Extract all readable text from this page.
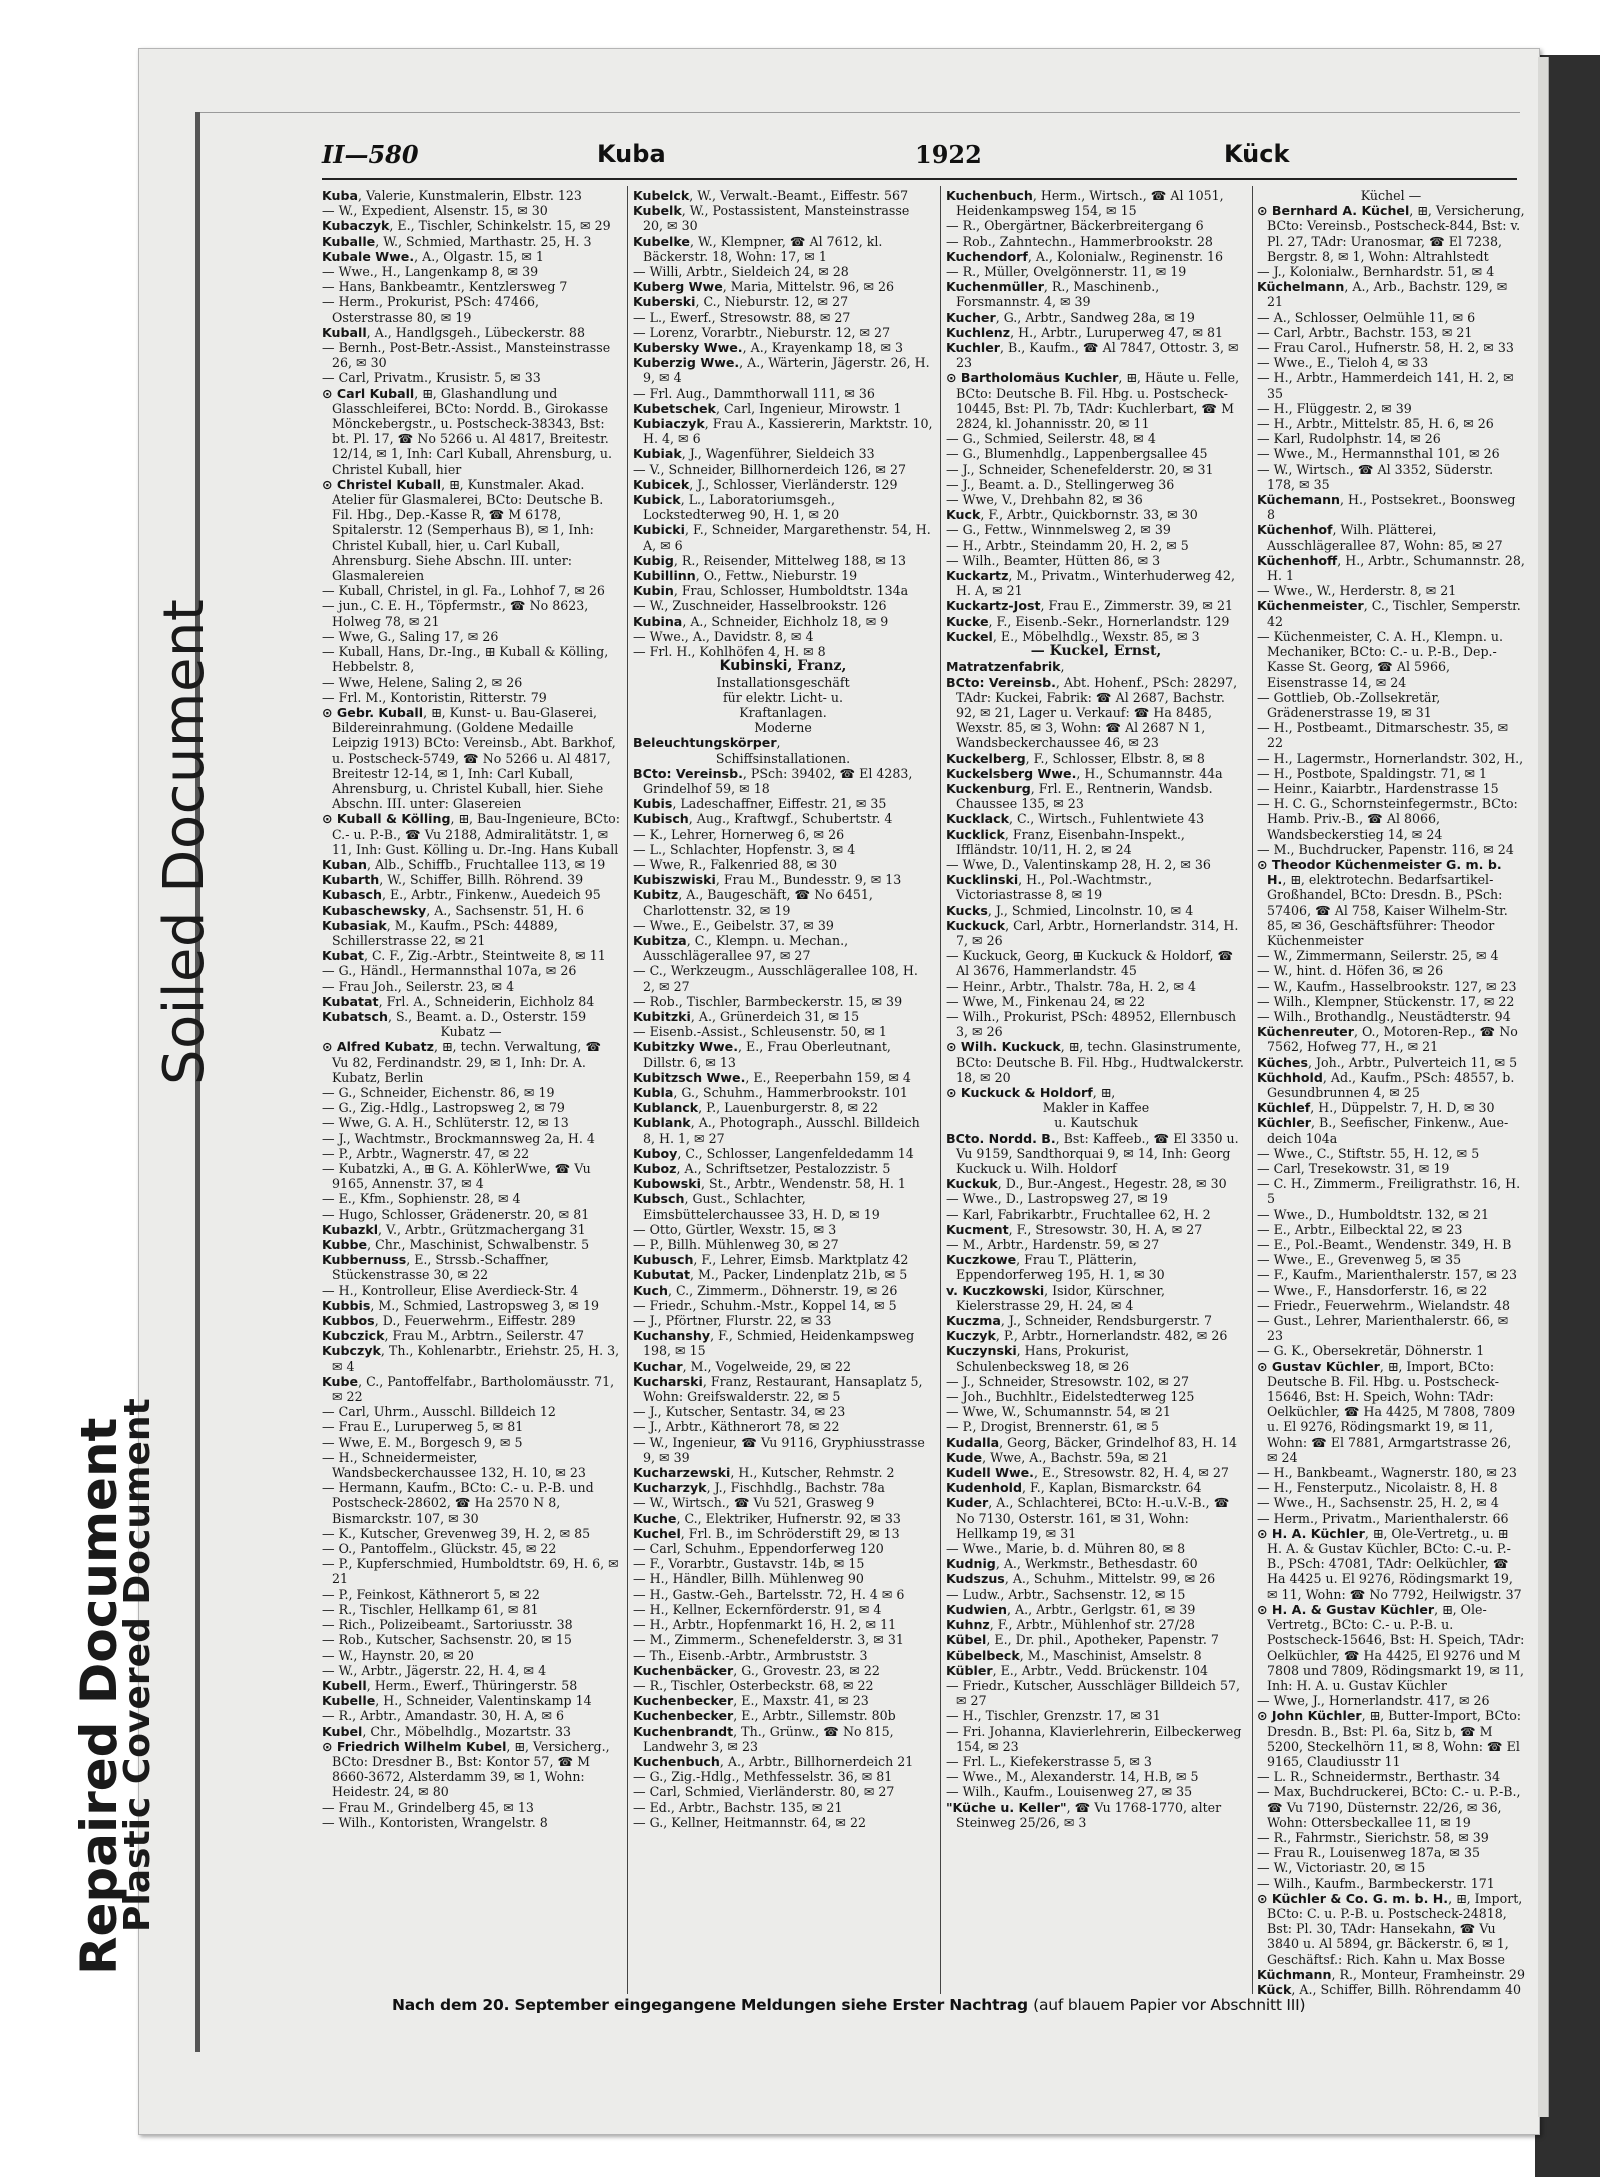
Soiled Document
Repaired Document
Plastic Covered Document
II—580	Kuba	1922	Kück

Kuba, Valerie, Kunstmalerin, Elbstr. 123

— W., Expedient, Alsenstr. 15, ✉ 30

Kubaczyk, E., Tischler, Schinkelstr. 15, ✉ 29

Kuballe, W., Schmied, Marthastr. 25, H. 3

Kubale Wwe., A., Olgastr. 15, ✉ 1

— Wwe., H., Langenkamp 8, ✉ 39

— Hans, Bankbeamtr., Kentzlersweg 7

— Herm., Prokurist, PSch: 47466, Osterstrasse 80, ✉ 19

Kuball, A., Handlgsgeh., Lübeckerstr. 88

— Bernh., Post-Betr.-Assist., Mansteinstrasse 26, ✉ 30

— Carl, Privatm., Krusistr. 5, ✉ 33

⊙ Carl Kuball, ⊞, Glashandlung und Glasschleiferei, BCto: Nordd. B., Girokasse Mönckebergstr., u. Postscheck-38343, Bst: bt. Pl. 17, ☎ No 5266 u. Al 4817, Breitestr. 12/14, ✉ 1, Inh: Carl Kuball, Ahrensburg, u. Christel Kuball, hier

⊙ Christel Kuball, ⊞, Kunstmaler. Akad. Atelier für Glasmalerei, BCto: Deutsche B. Fil. Hbg., Dep.-Kasse R, ☎ M 6178, Spitalerstr. 12 (Semperhaus B), ✉ 1, Inh: Christel Kuball, hier, u. Carl Kuball, Ahrensburg. Siehe Abschn. III. unter: Glasmalereien

— Kuball, Christel, in gl. Fa., Lohhof 7, ✉ 26

— jun., C. E. H., Töpfermstr., ☎ No 8623, Holweg 78, ✉ 21

— Wwe, G., Saling 17, ✉ 26

— Kuball, Hans, Dr.-Ing., ⊞ Kuball & Kölling, Hebbelstr. 8,

— Wwe, Helene, Saling 2, ✉ 26

— Frl. M., Kontoristin, Ritterstr. 79

⊙ Gebr. Kuball, ⊞, Kunst- u. Bau-Glaserei, Bildereinrahmung. (Goldene Medaille Leipzig 1913) BCto: Vereinsb., Abt. Barkhof, u. Postscheck-5749, ☎ No 5266 u. Al 4817, Breitestr 12-14, ✉ 1, Inh: Carl Kuball, Ahrensburg, u. Christel Kuball, hier. Siehe Abschn. III. unter: Glasereien

⊙ Kuball & Kölling, ⊞, Bau-Ingenieure, BCto: C.- u. P.-B., ☎ Vu 2188, Admiralitätstr. 1, ✉ 11, Inh: Gust. Kölling u. Dr.-Ing. Hans Kuball

Kuban, Alb., Schiffb., Fruchtallee 113, ✉ 19

Kubarth, W., Schiffer, Billh. Röhrend. 39

Kubasch, E., Arbtr., Finkenw., Auedeich 95

Kubaschewsky, A., Sachsenstr. 51, H. 6

Kubasiak, M., Kaufm., PSch: 44889, Schillerstrasse 22, ✉ 21

Kubat, C. F., Zig.-Arbtr., Steintweite 8, ✉ 11

— G., Händl., Hermannsthal 107a, ✉ 26

— Frau Joh., Seilerstr. 23, ✉ 4

Kubatat, Frl. A., Schneiderin, Eichholz 84

Kubatsch, S., Beamt. a. D., Osterstr. 159

Kubatz —

⊙ Alfred Kubatz, ⊞, techn. Verwaltung, ☎ Vu 82, Ferdinandstr. 29, ✉ 1, Inh: Dr. A. Kubatz, Berlin

— G., Schneider, Eichenstr. 86, ✉ 19

— G., Zig.-Hdlg., Lastropsweg 2, ✉ 79

— Wwe, G. A. H., Schlüterstr. 12, ✉ 13

— J., Wachtmstr., Brockmannsweg 2a, H. 4

— P., Arbtr., Wagnerstr. 47, ✉ 22

— Kubatzki, A., ⊞ G. A. KöhlerWwe, ☎ Vu 9165, Annenstr. 37, ✉ 4

— E., Kfm., Sophienstr. 28, ✉ 4

— Hugo, Schlosser, Grädenerstr. 20, ✉ 81

Kubazkl, V., Arbtr., Grützmachergang 31

Kubbe, Chr., Maschinist, Schwalbenstr. 5

Kubbernuss, E., Strssb.-Schaffner, Stückenstrasse 30, ✉ 22

— H., Kontrolleur, Elise Averdieck-Str. 4

Kubbis, M., Schmied, Lastropsweg 3, ✉ 19

Kubbos, D., Feuerwehrm., Eiffestr. 289

Kubczick, Frau M., Arbtrn., Seilerstr. 47

Kubczyk, Th., Kohlenarbtr., Eriehstr. 25, H. 3, ✉ 4

Kube, C., Pantoffelfabr., Bartholomäusstr. 71, ✉ 22

— Carl, Uhrm., Ausschl. Billdeich 12

— Frau E., Luruperweg 5, ✉ 81

— Wwe, E. M., Borgesch 9, ✉ 5

— H., Schneidermeister, Wandsbeckerchaussee 132, H. 10, ✉ 23

— Hermann, Kaufm., BCto: C.- u. P.-B. und Postscheck-28602, ☎ Ha 2570 N 8, Bismarckstr. 107, ✉ 30

— K., Kutscher, Grevenweg 39, H. 2, ✉ 85

— O., Pantoffelm., Glückstr. 45, ✉ 22

— P., Kupferschmied, Humboldtstr. 69, H. 6, ✉ 21

— P., Feinkost, Käthnerort 5, ✉ 22

— R., Tischler, Hellkamp 61, ✉ 81

— Rich., Polizeibeamt., Sartoriusstr. 38

— Rob., Kutscher, Sachsenstr. 20, ✉ 15

— W., Haynstr. 20, ✉ 20

— W., Arbtr., Jägerstr. 22, H. 4, ✉ 4

Kubell, Herm., Ewerf., Thüringerstr. 58

Kubelle, H., Schneider, Valentinskamp 14

— R., Arbtr., Amandastr. 30, H. A, ✉ 6

Kubel, Chr., Möbelhdlg., Mozartstr. 33

⊙ Friedrich Wilhelm Kubel, ⊞, Versicherg., BCto: Dresdner B., Bst: Kontor 57, ☎ M 8660-3672, Alsterdamm 39, ✉ 1, Wohn: Heidestr. 24, ✉ 80

— Frau M., Grindelberg 45, ✉ 13

— Wilh., Kontoristen, Wrangelstr. 8

Kubelck, W., Verwalt.-Beamt., Eiffestr. 567

Kubelk, W., Postassistent, Mansteinstrasse 20, ✉ 30

Kubelke, W., Klempner, ☎ Al 7612, kl. Bäckerstr. 18, Wohn: 17, ✉ 1

— Willi, Arbtr., Sieldeich 24, ✉ 28

Kuberg Wwe, Maria, Mittelstr. 96, ✉ 26

Kuberski, C., Nieburstr. 12, ✉ 27

— L., Ewerf., Stresowstr. 88, ✉ 27

— Lorenz, Vorarbtr., Nieburstr. 12, ✉ 27

Kubersky Wwe., A., Krayenkamp 18, ✉ 3

Kuberzig Wwe., A., Wärterin, Jägerstr. 26, H. 9, ✉ 4

— Frl. Aug., Dammthorwall 111, ✉ 36

Kubetschek, Carl, Ingenieur, Mirowstr. 1

Kubiaczyk, Frau A., Kassiererin, Marktstr. 10, H. 4, ✉ 6

Kubiak, J., Wagenführer, Sieldeich 33

— V., Schneider, Billhornerdeich 126, ✉ 27

Kubicek, J., Schlosser, Vierländerstr. 129

Kubick, L., Laboratoriumsgeh., Lockstedterweg 90, H. 1, ✉ 20

Kubicki, F., Schneider, Margarethenstr. 54, H. A, ✉ 6

Kubig, R., Reisender, Mittelweg 188, ✉ 13

Kubillinn, O., Fettw., Nieburstr. 19

Kubin, Frau, Schlosser, Humboldtstr. 134a

— W., Zuschneider, Hasselbrookstr. 126

Kubina, A., Schneider, Eichholz 18, ✉ 9

— Wwe., A., Davidstr. 8, ✉ 4

— Frl. H., Kohlhöfen 4, H. ✉ 8

Kubinski, Franz,

Installationsgeschäft

für elektr. Licht- u.

Kraftanlagen.

Moderne

Beleuchtungskörper,

Schiffsinstallationen.

BCto: Vereinsb., PSch: 39402, ☎ El 4283, Grindelhof 59, ✉ 18

Kubis, Ladeschaffner, Eiffestr. 21, ✉ 35

Kubisch, Aug., Kraftwgf., Schubertstr. 4

— K., Lehrer, Hornerweg 6, ✉ 26

— L., Schlachter, Hopfenstr. 3, ✉ 4

— Wwe, R., Falkenried 88, ✉ 30

Kubiszwiski, Frau M., Bundesstr. 9, ✉ 13

Kubitz, A., Baugeschäft, ☎ No 6451, Charlottenstr. 32, ✉ 19

— Wwe., E., Geibelstr. 37, ✉ 39

Kubitza, C., Klempn. u. Mechan., Ausschlägerallee 97, ✉ 27

— C., Werkzeugm., Ausschlägerallee 108, H. 2, ✉ 27

— Rob., Tischler, Barmbeckerstr. 15, ✉ 39

Kubitzki, A., Grünerdeich 31, ✉ 15

— Eisenb.-Assist., Schleusenstr. 50, ✉ 1

Kubitzky Wwe., E., Frau Oberleutnant, Dillstr. 6, ✉ 13

Kubitzsch Wwe., E., Reeperbahn 159, ✉ 4

Kubla, G., Schuhm., Hammerbrookstr. 101

Kublanck, P., Lauenburgerstr. 8, ✉ 22

Kublank, A., Photograph., Ausschl. Billdeich 8, H. 1, ✉ 27

Kuboy, C., Schlosser, Langenfeldedamm 14

Kuboz, A., Schriftsetzer, Pestalozzistr. 5

Kubowski, St., Arbtr., Wendenstr. 58, H. 1

Kubsch, Gust., Schlachter, Eimsbüttelerchaussee 33, H. D, ✉ 19

— Otto, Gürtler, Wexstr. 15, ✉ 3

— P., Billh. Mühlenweg 30, ✉ 27

Kubusch, F., Lehrer, Eimsb. Marktplatz 42

Kubutat, M., Packer, Lindenplatz 21b, ✉ 5

Kuch, C., Zimmerm., Döhnerstr. 19, ✉ 26

— Friedr., Schuhm.-Mstr., Koppel 14, ✉ 5

— J., Pförtner, Flurstr. 22, ✉ 33

Kuchanshy, F., Schmied, Heidenkampsweg 198, ✉ 15

Kuchar, M., Vogelweide, 29, ✉ 22

Kucharski, Franz, Restaurant, Hansaplatz 5, Wohn: Greifswalderstr. 22, ✉ 5

— J., Kutscher, Sentastr. 34, ✉ 23

— J., Arbtr., Käthnerort 78, ✉ 22

— W., Ingenieur, ☎ Vu 9116, Gryphiusstrasse 9, ✉ 39

Kucharzewski, H., Kutscher, Rehmstr. 2

Kucharzyk, J., Fischhdlg., Bachstr. 78a

— W., Wirtsch., ☎ Vu 521, Grasweg 9

Kuche, C., Elektriker, Hufnerstr. 92, ✉ 33

Kuchel, Frl. B., im Schröderstift 29, ✉ 13

— Carl, Schuhm., Eppendorferweg 120

— F., Vorarbtr., Gustavstr. 14b, ✉ 15

— H., Händler, Billh. Mühlenweg 90

— H., Gastw.-Geh., Bartelsstr. 72, H. 4 ✉ 6

— H., Kellner, Eckernförderstr. 91, ✉ 4

— H., Arbtr., Hopfenmarkt 16, H. 2, ✉ 11

— M., Zimmerm., Schenefelderstr. 3, ✉ 31

— Th., Eisenb.-Arbtr., Armbruststr. 3

Kuchenbäcker, G., Grovestr. 23, ✉ 22

— R., Tischler, Osterbeckstr. 68, ✉ 22

Kuchenbecker, E., Maxstr. 41, ✉ 23

Kuchenbecker, E., Arbtr., Sillemstr. 80b

Kuchenbrandt, Th., Grünw., ☎ No 815, Landwehr 3, ✉ 23

Kuchenbuch, A., Arbtr., Billhornerdeich 21

— G., Zig.-Hdlg., Methfesselstr. 36, ✉ 81

— Carl, Schmied, Vierländerstr. 80, ✉ 27

— Ed., Arbtr., Bachstr. 135, ✉ 21

— G., Kellner, Heitmannstr. 64, ✉ 22

Kuchenbuch, Herm., Wirtsch., ☎ Al 1051, Heidenkampsweg 154, ✉ 15

— R., Obergärtner, Bäckerbreitergang 6

— Rob., Zahntechn., Hammerbrookstr. 28

Kuchendorf, A., Kolonialw., Reginenstr. 16

— R., Müller, Ovelgönnerstr. 11, ✉ 19

Kuchenmüller, R., Maschinenb., Forsmannstr. 4, ✉ 39

Kucher, G., Arbtr., Sandweg 28a, ✉ 19

Kuchlenz, H., Arbtr., Luruperweg 47, ✉ 81

Kuchler, B., Kaufm., ☎ Al 7847, Ottostr. 3, ✉ 23

⊙ Bartholomäus Kuchler, ⊞, Häute u. Felle, BCto: Deutsche B. Fil. Hbg. u. Postscheck-10445, Bst: Pl. 7b, TAdr: Kuchlerbart, ☎ M 2824, kl. Johannisstr. 20, ✉ 11

— G., Schmied, Seilerstr. 48, ✉ 4

— G., Blumenhdlg., Lappenbergsallee 45

— J., Schneider, Schenefelderstr. 20, ✉ 31

— J., Beamt. a. D., Stellingerweg 36

— Wwe, V., Drehbahn 82, ✉ 36

Kuck, F., Arbtr., Quickbornstr. 33, ✉ 30

— G., Fettw., Winnmelsweg 2, ✉ 39

— H., Arbtr., Steindamm 20, H. 2, ✉ 5

— Wilh., Beamter, Hütten 86, ✉ 3

Kuckartz, M., Privatm., Winterhuderweg 42, H. A, ✉ 21

Kuckartz-Jost, Frau E., Zimmerstr. 39, ✉ 21

Kucke, F., Eisenb.-Sekr., Hornerlandstr. 129

Kuckel, E., Möbelhdlg., Wexstr. 85, ✉ 3

— Kuckel, Ernst,

Matratzenfabrik,

BCto: Vereinsb., Abt. Hohenf., PSch: 28297, TAdr: Kuckei, Fabrik: ☎ Al 2687, Bachstr. 92, ✉ 21, Lager u. Verkauf: ☎ Ha 8485, Wexstr. 85, ✉ 3, Wohn: ☎ Al 2687 N 1, Wandsbeckerchaussee 46, ✉ 23

Kuckelberg, F., Schlosser, Elbstr. 8, ✉ 8

Kuckelsberg Wwe., H., Schumannstr. 44a

Kuckenburg, Frl. E., Rentnerin, Wandsb. Chaussee 135, ✉ 23

Kucklack, C., Wirtsch., Fuhlentwiete 43

Kucklick, Franz, Eisenbahn-Inspekt., Iffländstr. 10/11, H. 2, ✉ 24

— Wwe, D., Valentinskamp 28, H. 2, ✉ 36

Kucklinski, H., Pol.-Wachtmstr., Victoriastrasse 8, ✉ 19

Kucks, J., Schmied, Lincolnstr. 10, ✉ 4

Kuckuck, Carl, Arbtr., Hornerlandstr. 314, H. 7, ✉ 26

— Kuckuck, Georg, ⊞ Kuckuck & Holdorf, ☎ Al 3676, Hammerlandstr. 45

— Heinr., Arbtr., Thalstr. 78a, H. 2, ✉ 4

— Wwe, M., Finkenau 24, ✉ 22

— Wilh., Prokurist, PSch: 48952, Ellernbusch 3, ✉ 26

⊙ Wilh. Kuckuck, ⊞, techn. Glasinstrumente, BCto: Deutsche B. Fil. Hbg., Hudtwalckerstr. 18, ✉ 20

⊙ Kuckuck & Holdorf, ⊞,

Makler in Kaffee

u. Kautschuk

BCto. Nordd. B., Bst: Kaffeeb., ☎ El 3350 u. Vu 9159, Sandthorquai 9, ✉ 14, Inh: Georg Kuckuck u. Wilh. Holdorf

Kuckuk, D., Bur.-Angest., Hegestr. 28, ✉ 30

— Wwe., D., Lastropsweg 27, ✉ 19

— Karl, Fabrikarbtr., Fruchtallee 62, H. 2

Kucment, F., Stresowstr. 30, H. A, ✉ 27

— M., Arbtr., Hardenstr. 59, ✉ 27

Kuczkowe, Frau T., Plätterin, Eppendorferweg 195, H. 1, ✉ 30

v. Kuczkowski, Isidor, Kürschner, Kielerstrasse 29, H. 24, ✉ 4

Kuczma, J., Schneider, Rendsburgerstr. 7

Kuczyk, P., Arbtr., Hornerlandstr. 482, ✉ 26

Kuczynski, Hans, Prokurist, Schulenbecksweg 18, ✉ 26

— J., Schneider, Stresowstr. 102, ✉ 27

— Joh., Buchhltr., Eidelstedterweg 125

— Wwe, W., Schumannstr. 54, ✉ 21

— P., Drogist, Brennerstr. 61, ✉ 5

Kudalla, Georg, Bäcker, Grindelhof 83, H. 14

Kude, Wwe, A., Bachstr. 59a, ✉ 21

Kudell Wwe., E., Stresowstr. 82, H. 4, ✉ 27

Kudenhold, F., Kaplan, Bismarckstr. 64

Kuder, A., Schlachterei, BCto: H.-u.V.-B., ☎ No 7130, Osterstr. 161, ✉ 31, Wohn: Hellkamp 19, ✉ 31

— Wwe., Marie, b. d. Mühren 80, ✉ 8

Kudnig, A., Werkmstr., Bethesdastr. 60

Kudszus, A., Schuhm., Mittelstr. 99, ✉ 26

— Ludw., Arbtr., Sachsenstr. 12, ✉ 15

Kudwien, A., Arbtr., Gerlgstr. 61, ✉ 39

Kuhnz, F., Arbtr., Mühlenhof str. 27/28

Kübel, E., Dr. phil., Apotheker, Papenstr. 7

Kübelbeck, M., Maschinist, Amselstr. 8

Kübler, E., Arbtr., Vedd. Brückenstr. 104

— Friedr., Kutscher, Ausschläger Billdeich 57, ✉ 27

— H., Tischler, Grenzstr. 17, ✉ 31

— Fri. Johanna, Klavierlehrerin, Eilbeckerweg 154, ✉ 23

— Frl. L., Kiefekerstrasse 5, ✉ 3

— Wwe., M., Alexanderstr. 14, H.B, ✉ 5

— Wilh., Kaufm., Louisenweg 27, ✉ 35

"Küche u. Keller", ☎ Vu 1768-1770, alter Steinweg 25/26, ✉ 3

Küchel —

⊙ Bernhard A. Küchel, ⊞, Versicherung, BCto: Vereinsb., Postscheck-844, Bst: v. Pl. 27, TAdr: Uranosmar, ☎ El 7238, Bergstr. 8, ✉ 1, Wohn: Altrahlstedt

— J., Kolonialw., Bernhardstr. 51, ✉ 4

Küchelmann, A., Arb., Bachstr. 129, ✉ 21

— A., Schlosser, Oelmühle 11, ✉ 6

— Carl, Arbtr., Bachstr. 153, ✉ 21

— Frau Carol., Hufnerstr. 58, H. 2, ✉ 33

— Wwe., E., Tieloh 4, ✉ 33

— H., Arbtr., Hammerdeich 141, H. 2, ✉ 35

— H., Flüggestr. 2, ✉ 39

— H., Arbtr., Mittelstr. 85, H. 6, ✉ 26

— Karl, Rudolphstr. 14, ✉ 26

— Wwe., M., Hermannsthal 101, ✉ 26

— W., Wirtsch., ☎ Al 3352, Süderstr. 178, ✉ 35

Küchemann, H., Postsekret., Boonsweg 8

Küchenhof, Wilh. Plätterei, Ausschlägerallee 87, Wohn: 85, ✉ 27

Küchenhoff, H., Arbtr., Schumannstr. 28, H. 1

— Wwe., W., Herderstr. 8, ✉ 21

Küchenmeister, C., Tischler, Semperstr. 42

— Küchenmeister, C. A. H., Klempn. u. Mechaniker, BCto: C.- u. P.-B., Dep.-Kasse St. Georg, ☎ Al 5966, Eisenstrasse 14, ✉ 24

— Gottlieb, Ob.-Zollsekretär, Grädenerstrasse 19, ✉ 31

— H., Postbeamt., Ditmarschestr. 35, ✉ 22

— H., Lagermstr., Hornerlandstr. 302, H.,

— H., Postbote, Spaldingstr. 71, ✉ 1

— Heinr., Kaiarbtr., Hardenstrasse 15

— H. C. G., Schornsteinfegermstr., BCto: Hamb. Priv.-B., ☎ Al 8066, Wandsbeckerstieg 14, ✉ 24

— M., Buchdrucker, Papenstr. 116, ✉ 24

⊙ Theodor Küchenmeister G. m. b. H., ⊞, elektrotechn. Bedarfsartikel-Großhandel, BCto: Dresdn. B., PSch: 57406, ☎ Al 758, Kaiser Wilhelm-Str. 85, ✉ 36, Geschäftsführer: Theodor Küchenmeister

— W., Zimmermann, Seilerstr. 25, ✉ 4

— W., hint. d. Höfen 36, ✉ 26

— W., Kaufm., Hasselbrookstr. 127, ✉ 23

— Wilh., Klempner, Stückenstr. 17, ✉ 22

— Wilh., Brothandlg., Neustädterstr. 94

Küchenreuter, O., Motoren-Rep., ☎ No 7562, Hofweg 77, H., ✉ 21

Küches, Joh., Arbtr., Pulverteich 11, ✉ 5

Küchhold, Ad., Kaufm., PSch: 48557, b. Gesundbrunnen 4, ✉ 25

Küchlef, H., Düppelstr. 7, H. D, ✉ 30

Küchler, B., Seefischer, Finkenw., Aue-deich 104a

— Wwe., C., Stiftstr. 55, H. 12, ✉ 5

— Carl, Tresekowstr. 31, ✉ 19

— C. H., Zimmerm., Freiligrathstr. 16, H. 5

— Wwe., D., Humboldtstr. 132, ✉ 21

— E., Arbtr., Eilbecktal 22, ✉ 23

— E., Pol.-Beamt., Wendenstr. 349, H. B

— Wwe., E., Grevenweg 5, ✉ 35

— F., Kaufm., Marienthalerstr. 157, ✉ 23

— Wwe., F., Hansdorferstr. 16, ✉ 22

— Friedr., Feuerwehrm., Wielandstr. 48

— Gust., Lehrer, Marienthalerstr. 66, ✉ 23

— G. K., Obersekretär, Döhnerstr. 1

⊙ Gustav Küchler, ⊞, Import, BCto: Deutsche B. Fil. Hbg. u. Postscheck-15646, Bst: H. Speich, Wohn: TAdr: Oelküchler, ☎ Ha 4425, M 7808, 7809 u. El 9276, Rödingsmarkt 19, ✉ 11, Wohn: ☎ El 7881, Armgartstrasse 26, ✉ 24

— H., Bankbeamt., Wagnerstr. 180, ✉ 23

— H., Fensterputz., Nicolaistr. 8, H. 8

— Wwe., H., Sachsenstr. 25, H. 2, ✉ 4

— Herm., Privatm., Marienthalerstr. 66

⊙ H. A. Küchler, ⊞, Ole-Vertretg., u. ⊞ H. A. & Gustav Küchler, BCto: C.-u. P.-B., PSch: 47081, TAdr: Oelküchler, ☎ Ha 4425 u. El 9276, Rödingsmarkt 19, ✉ 11, Wohn: ☎ No 7792, Heilwigstr. 37

⊙ H. A. & Gustav Küchler, ⊞, Ole-Vertretg., BCto: C.- u. P.-B. u. Postscheck-15646, Bst: H. Speich, TAdr: Oelküchler, ☎ Ha 4425, El 9276 und M 7808 und 7809, Rödingsmarkt 19, ✉ 11, Inh: H. A. u. Gustav Küchler

— Wwe, J., Hornerlandstr. 417, ✉ 26

⊙ John Küchler, ⊞, Butter-Import, BCto: Dresdn. B., Bst: Pl. 6a, Sitz b, ☎ M 5200, Steckelhörn 11, ✉ 8, Wohn: ☎ El 9165, Claudiusstr 11

— L. R., Schneidermstr., Berthastr. 34

— Max, Buchdruckerei, BCto: C.- u. P.-B., ☎ Vu 7190, Düsternstr. 22/26, ✉ 36, Wohn: Ottersbeckallee 11, ✉ 19

— R., Fahrmstr., Sierichstr. 58, ✉ 39

— Frau R., Louisenweg 187a, ✉ 35

— W., Victoriastr. 20, ✉ 15

— Wilh., Kaufm., Barmbeckerstr. 171

⊙ Küchler & Co. G. m. b. H., ⊞, Import, BCto: C. u. P.-B. u. Postscheck-24818, Bst: Pl. 30, TAdr: Hansekahn, ☎ Vu 3840 u. Al 5894, gr. Bäckerstr. 6, ✉ 1, Geschäftsf.: Rich. Kahn u. Max Bosse

Küchmann, R., Monteur, Framheinstr. 29

Kück, A., Schiffer, Billh. Röhrendamm 40

Nach dem 20. September eingegangene Meldungen siehe Erster Nachtrag (auf blauem Papier vor Abschnitt III)
